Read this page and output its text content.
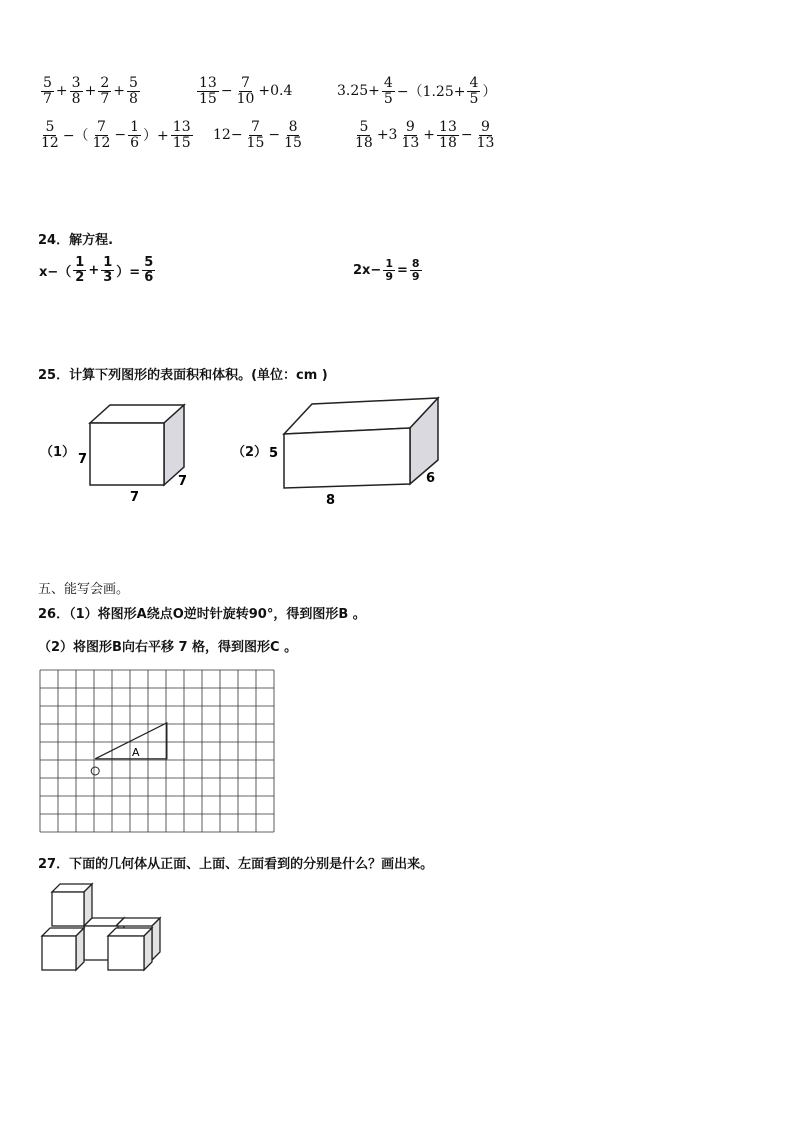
$\frac{5}{7} + \frac{3}{8} + \frac{2}{7} + \frac{5}{8}$	$\frac{13}{15} - \frac{7}{10} +0.4$	$3.25+ \frac{4}{5} -(1.25+ \frac{4}{5}$ ）
$\frac{5}{12}$ −（ $\frac{7}{12} - \frac{1}{6}$ ）+ $\frac{13}{15} 12- \frac{7}{15} - \frac{8}{15}$	$\frac{5}{18} +3 \frac{9}{13} + \frac{13}{18} - \frac{9}{13}$
24．解方程.
$x-( \frac{1}{2} + \frac{1}{3}$ ）= $\frac{5}{6}$	$2x- \frac{1}{9} = \frac{8}{9}$
25．计算下列图形的表面积和体积。(单位：cm )
（1）	（2）
7
7
7
5
8
6
五、能写会画。
26．（1）将图形A绕点O逆时针旋转90°，得到图形B 。
（2）将图形B向右平移 7 格，得到图形C 。
A
O
27．下面的几何体从正面、上面、左面看到的分别是什么？画出来。
